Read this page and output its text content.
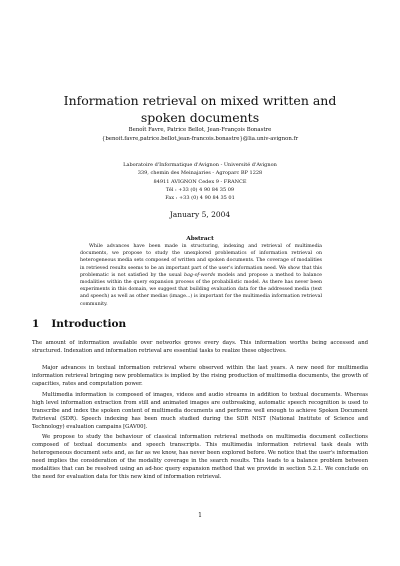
Information retrieval on mixed written and spoken documents
Benoît Favre, Patrice Bellot, Jean-François Bonastre
{benoit.favre,patrice.bellot,jean-francois.bonastre}@lia.univ-avignon.fr
Laboratoire d'Informatique d'Avignon - Université d'Avignon
339, chemin des Meinajaries - Agroparc BP 1228
84911 AVIGNON Cedex 9 - FRANCE
Tél : +33 (0) 4 90 84 35 09
Fax : +33 (0) 4 90 84 35 01
January 5, 2004
Abstract
While advances have been made in structuring, indexing and retrieval of multimedia documents, we propose to study the unexplored problematics of information retrieval on heterogeneous media sets composed of written and spoken documents. The coverage of modalities in retrieved results seems to be an important part of the user's information need. We show that this problematic is not satisfied by the usual bag-of-words models and propose a method to balance modalities within the query expansion process of the probabilistic model. As there has never been experiments in this domain, we suggest that building evaluation data for the addressed media (text and speech) as well as other medias (image...) is important for the multimedia information retrieval community.
1 Introduction
The amount of information available over networks grows every days. This information worths being accessed and structured. Indexation and information retrieval are essential tasks to realize these objectives.
Major advances in textual information retrieval where observed within the last years. A new need for multimedia information retrieval bringing new problematics is implied by the rising production of multimedia documents, the growth of capacities, rates and computation power.
Multimedia information is composed of images, videos and audio streams in addition to textual documents. Whereas high level information extraction from still and animated images are outbreaking, automatic speech recognition is used to transcribe and index the spoken content of multimedia documents and performs well enough to achieve Spoken Document Retrieval (SDR). Speech indexing has been much studied during the SDR NIST (National Institute of Science and Technology) evaluation campains [GAV00].
We propose to study the behaviour of classical information retrieval methods on multimedia document collections composed of textual documents and speech transcripts. This multimedia information retrieval task deals with heterogeneous document sets and, as far as we know, has never been explored before. We notice that the user's information need implies the consideration of the modality coverage in the search results. This leads to a balance problem between modalities that can be resolved using an ad-hoc query expansion method that we provide in section 5.2.1. We conclude on the need for evaluation data for this new kind of information retrieval.
1
